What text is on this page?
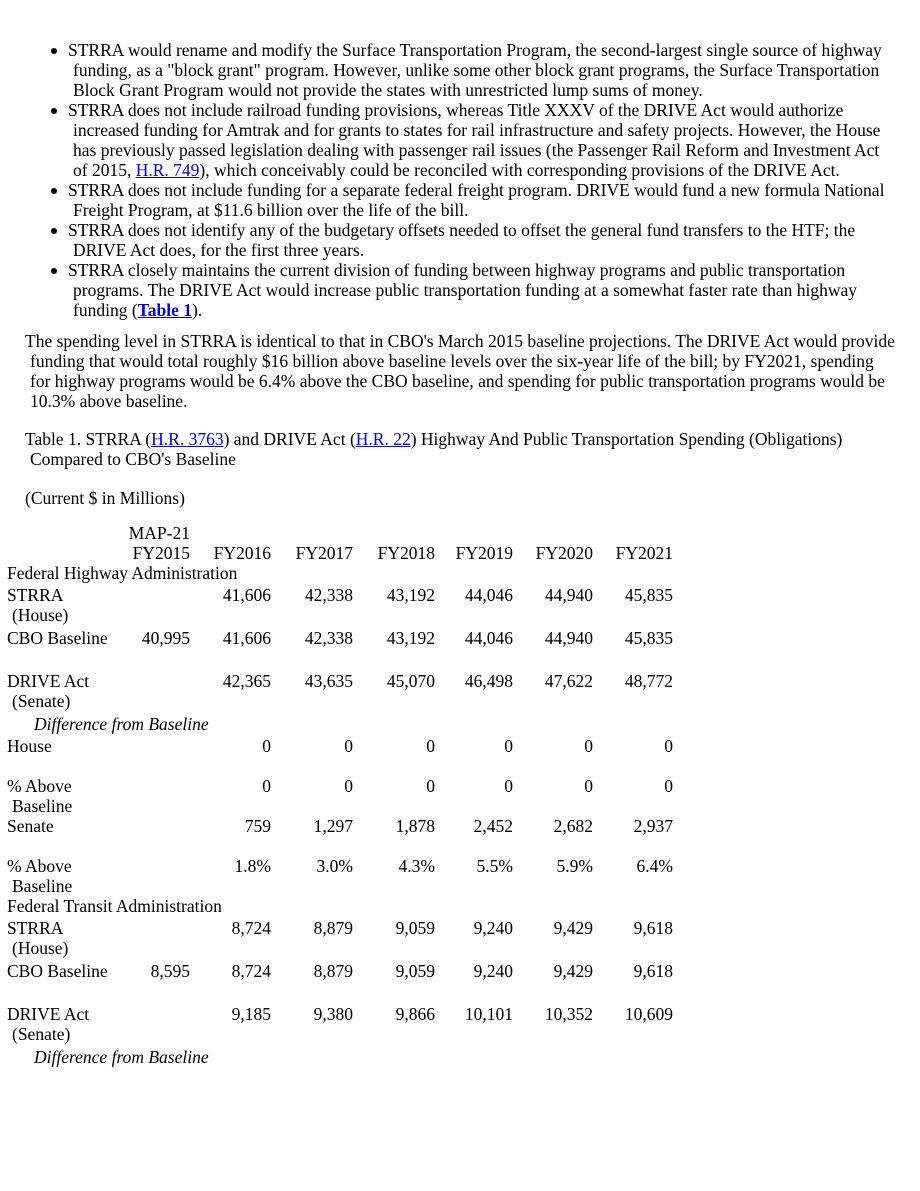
STRRA would rename and modify the Surface Transportation Program, the second-largest single source of highway funding, as a "block grant" program. However, unlike some other block grant programs, the Surface Transportation Block Grant Program would not provide the states with unrestricted lump sums of money.
STRRA does not include railroad funding provisions, whereas Title XXXV of the DRIVE Act would authorize increased funding for Amtrak and for grants to states for rail infrastructure and safety projects. However, the House has previously passed legislation dealing with passenger rail issues (the Passenger Rail Reform and Investment Act of 2015, H.R. 749), which conceivably could be reconciled with corresponding provisions of the DRIVE Act.
STRRA does not include funding for a separate federal freight program. DRIVE would fund a new formula National Freight Program, at $11.6 billion over the life of the bill.
STRRA does not identify any of the budgetary offsets needed to offset the general fund transfers to the HTF; the DRIVE Act does, for the first three years.
STRRA closely maintains the current division of funding between highway programs and public transportation programs. The DRIVE Act would increase public transportation funding at a somewhat faster rate than highway funding (Table 1).

The spending level in STRRA is identical to that in CBO's March 2015 baseline projections. The DRIVE Act would provide funding that would total roughly $16 billion above baseline levels over the six-year life of the bill; by FY2021, spending for highway programs would be 6.4% above the CBO baseline, and spending for public transportation programs would be 10.3% above baseline.

Table 1. STRRA (H.R. 3763) and DRIVE Act (H.R. 22) Highway And Public Transportation Spending (Obligations) Compared to CBO's Baseline

(Current $ in Millions)

	MAP-21 FY2015	FY2016	FY2017	FY2018	FY2019	FY2020	FY2021
Federal Highway Administration							
STRRA (House)		41,606	42,338	43,192	44,046	44,940	45,835
CBO Baseline	40,995	41,606	42,338	43,192	44,046	44,940	45,835
DRIVE Act (Senate)		42,365	43,635	45,070	46,498	47,622	48,772
Difference from Baseline							
House		0	0	0	0	0	0
% Above Baseline		0	0	0	0	0	0
Senate		759	1,297	1,878	2,452	2,682	2,937
% Above Baseline		1.8%	3.0%	4.3%	5.5%	5.9%	6.4%
Federal Transit Administration							
STRRA (House)		8,724	8,879	9,059	9,240	9,429	9,618
CBO Baseline	8,595	8,724	8,879	9,059	9,240	9,429	9,618
DRIVE Act (Senate)		9,185	9,380	9,866	10,101	10,352	10,609
Difference from Baseline							
